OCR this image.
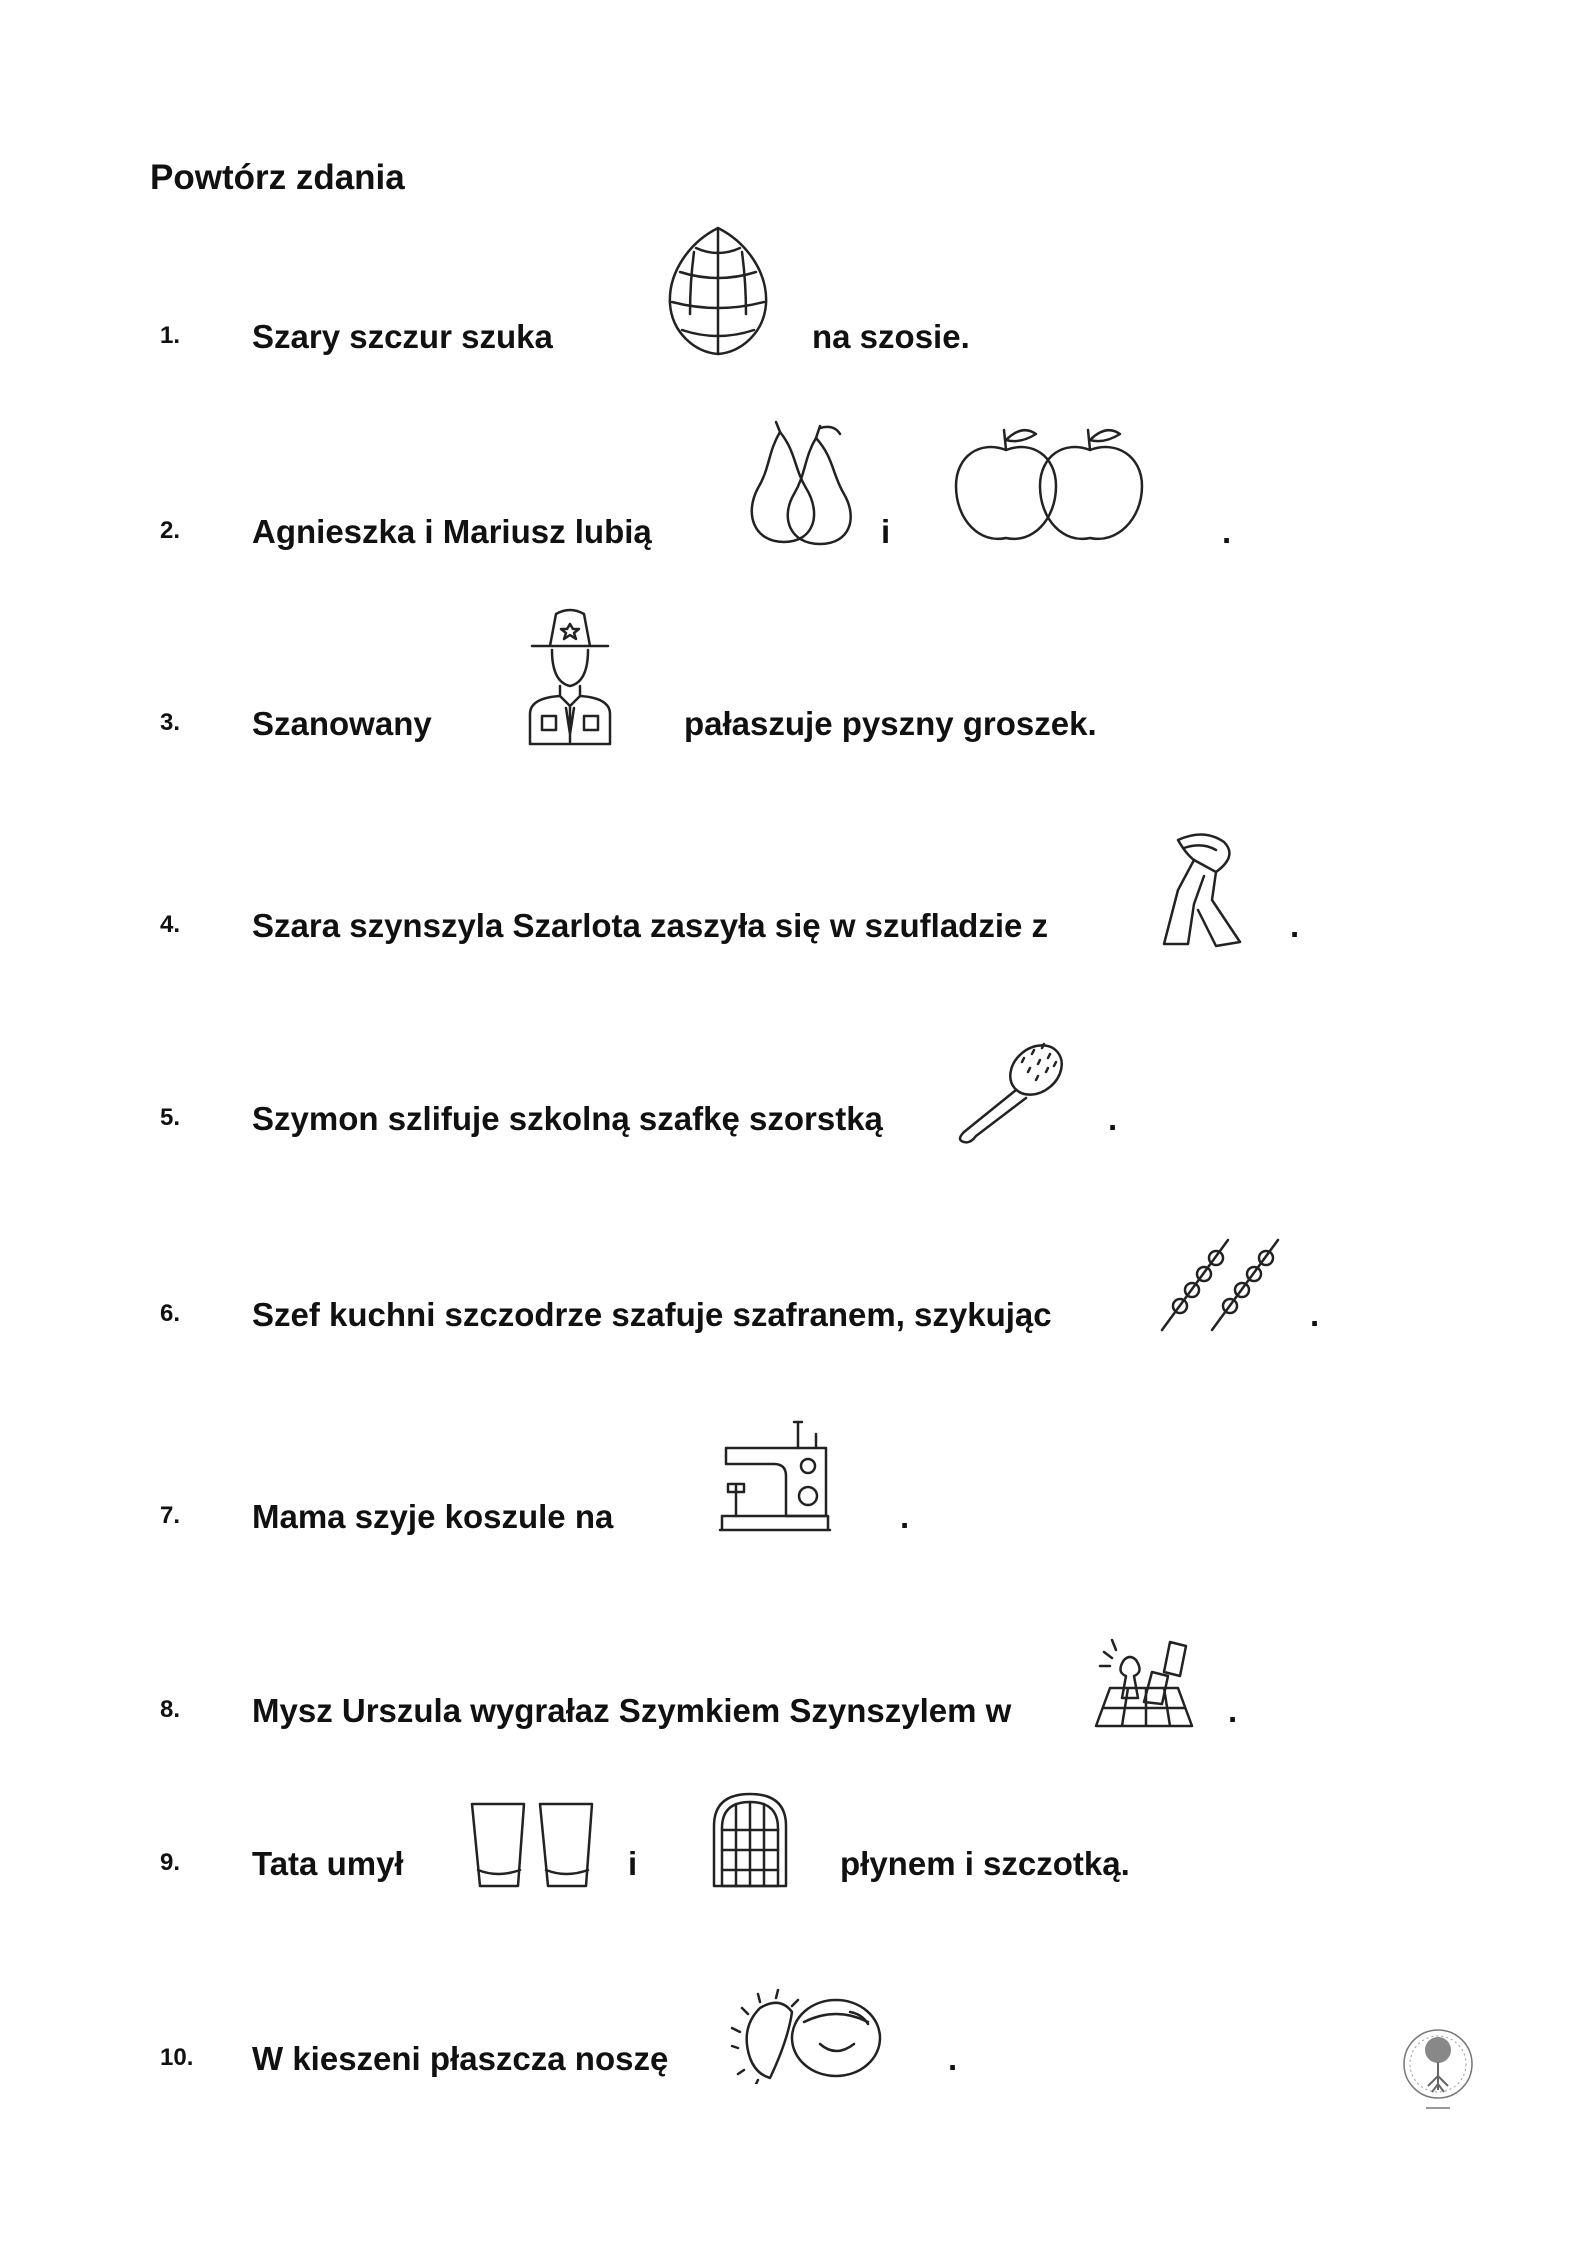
Powtórz zdania
1. Szary szczur szuka	na szosie.
2. Agnieszka i Mariusz lubią	i	.
3. Szanowany	pałaszuje pyszny groszek.
4. Szara szynszyla Szarlota zaszyła się w szufladzie z	.
5. Szymon szlifuje szkolną szafkę szorstką	.
6. Szef kuchni szczodrze szafuje szafranem, szykując	.
7. Mama szyje koszule na	.
8. Mysz Urszula wygrałaz Szymkiem Szynszylem w	.
9. Tata umył	i	płynem i szczotką.
10. W kieszeni płaszcza noszę	.
